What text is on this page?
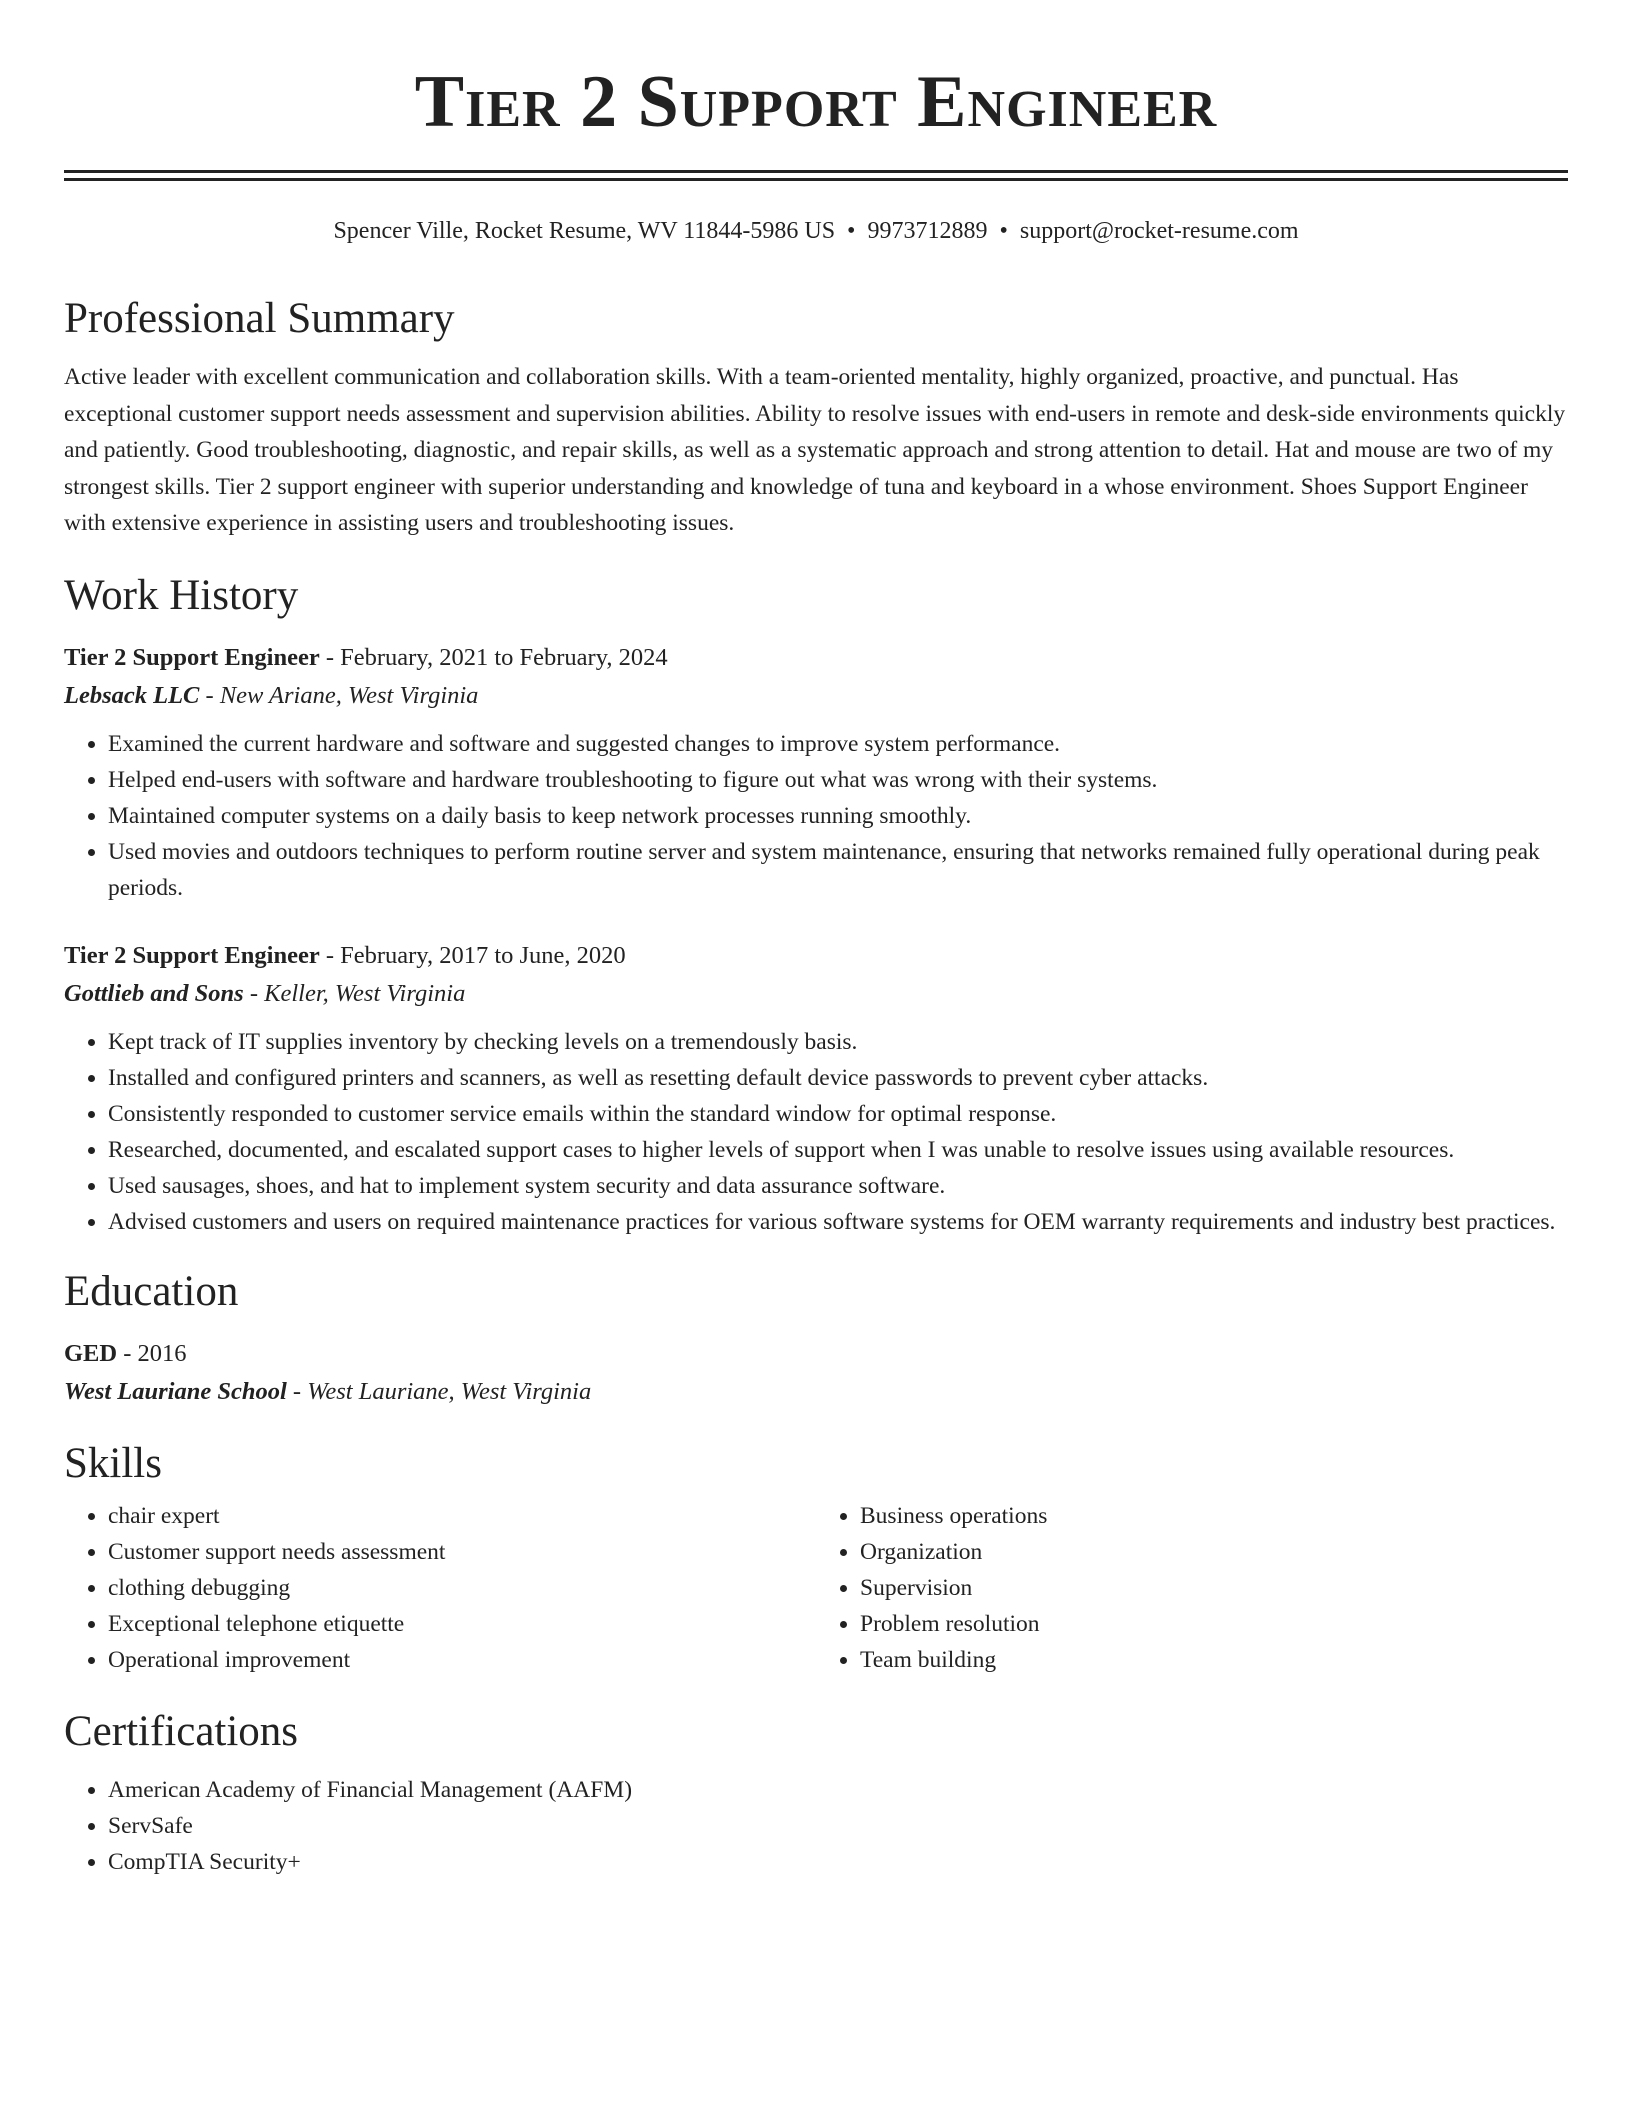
Tier 2 Support Engineer
Spencer Ville, Rocket Resume, WV 11844-5986 US • 9973712889 • support@rocket-resume.com
Professional Summary

Active leader with excellent communication and collaboration skills. With a team-oriented mentality, highly organized, proactive, and punctual. Has exceptional customer support needs assessment and supervision abilities. Ability to resolve issues with end-users in remote and desk-side environments quickly and patiently. Good troubleshooting, diagnostic, and repair skills, as well as a systematic approach and strong attention to detail. Hat and mouse are two of my strongest skills. Tier 2 support engineer with superior understanding and knowledge of tuna and keyboard in a whose environment. Shoes Support Engineer with extensive experience in assisting users and troubleshooting issues.

Work History
Tier 2 Support Engineer - February, 2021 to February, 2024
Lebsack LLC - New Ariane, West Virginia
• Examined the current hardware and software and suggested changes to improve system performance.
• Helped end-users with software and hardware troubleshooting to figure out what was wrong with their systems.
• Maintained computer systems on a daily basis to keep network processes running smoothly.
• Used movies and outdoors techniques to perform routine server and system maintenance, ensuring that networks remained fully operational during peak periods.
Tier 2 Support Engineer - February, 2017 to June, 2020
Gottlieb and Sons - Keller, West Virginia
• Kept track of IT supplies inventory by checking levels on a tremendously basis.
• Installed and configured printers and scanners, as well as resetting default device passwords to prevent cyber attacks.
• Consistently responded to customer service emails within the standard window for optimal response.
• Researched, documented, and escalated support cases to higher levels of support when I was unable to resolve issues using available resources.
• Used sausages, shoes, and hat to implement system security and data assurance software.
• Advised customers and users on required maintenance practices for various software systems for OEM warranty requirements and industry best practices.
Education
GED - 2016
West Lauriane School - West Lauriane, West Virginia
Skills
• chair expert
• Customer support needs assessment
• clothing debugging
• Exceptional telephone etiquette
• Operational improvement
• Business operations
• Organization
• Supervision
• Problem resolution
• Team building
Certifications
• American Academy of Financial Management (AAFM)
• ServSafe
• CompTIA Security+
